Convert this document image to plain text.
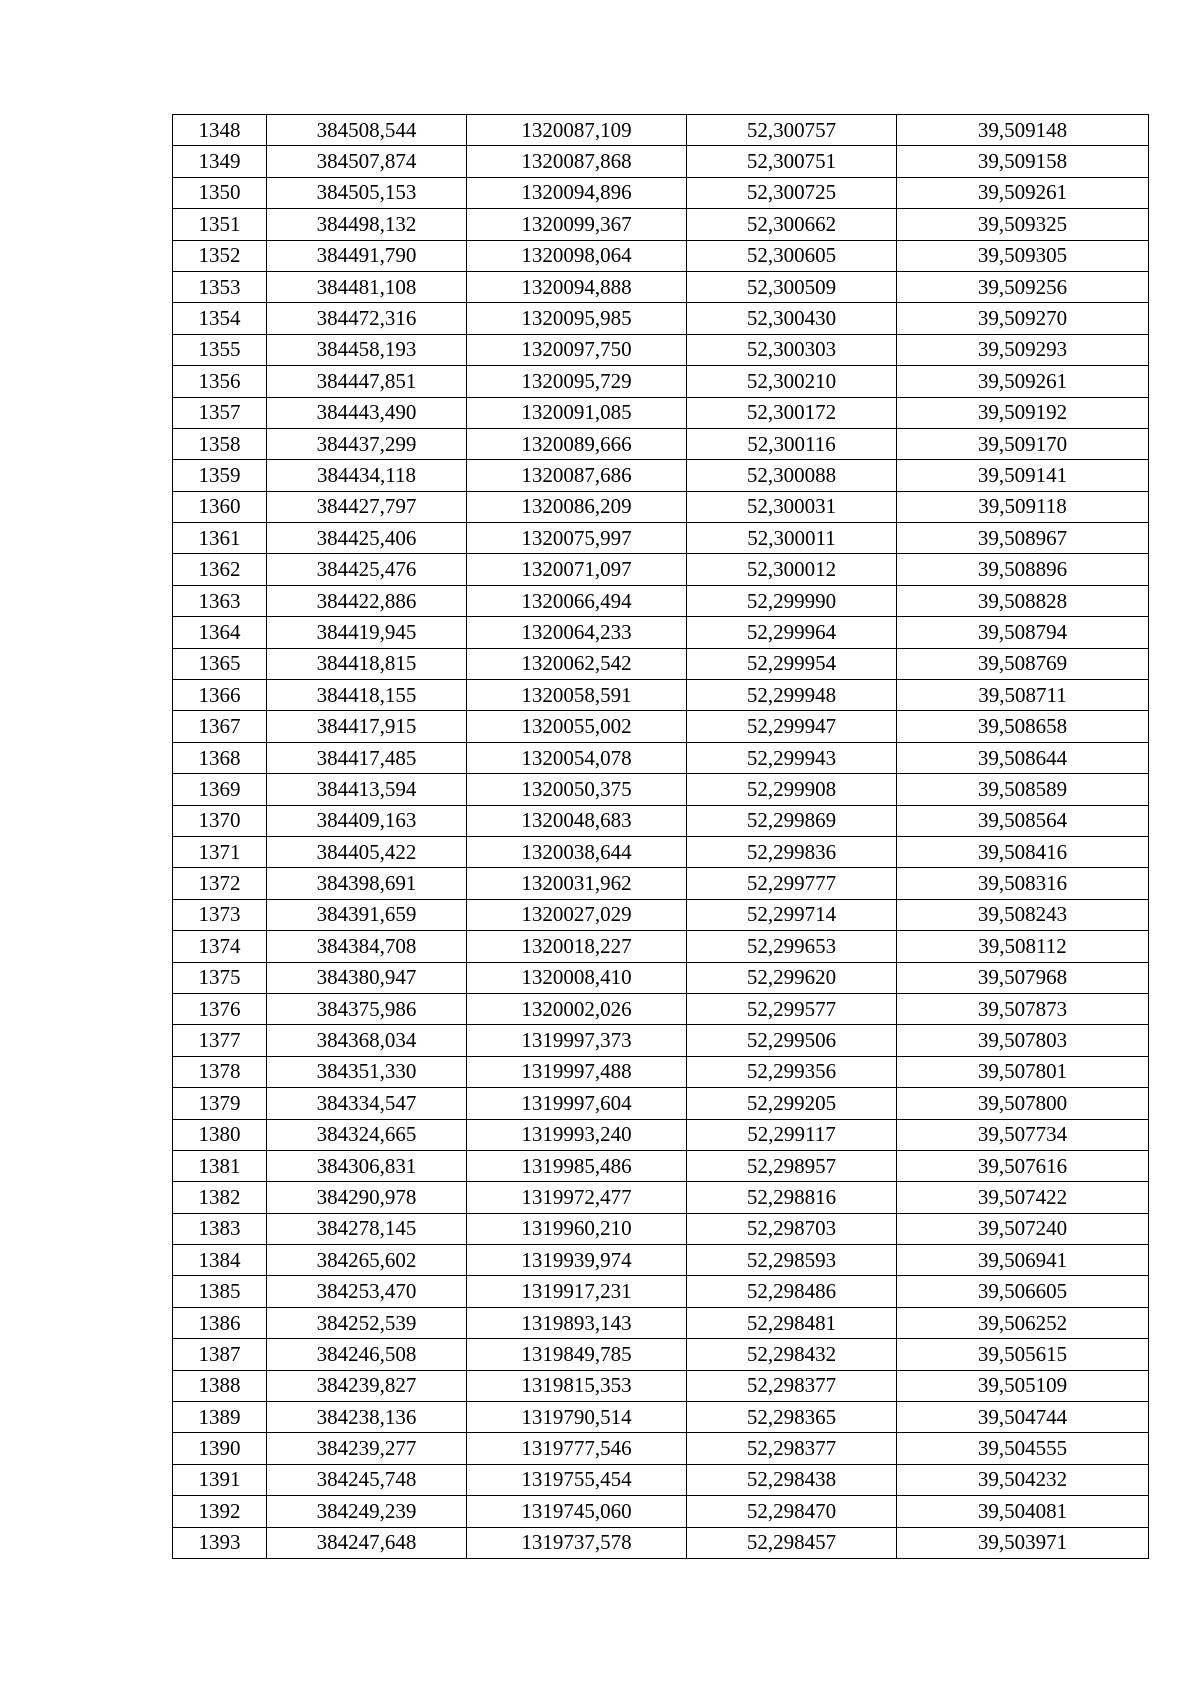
1348	384508,544	1320087,109	52,300757	39,509148
1349	384507,874	1320087,868	52,300751	39,509158
1350	384505,153	1320094,896	52,300725	39,509261
1351	384498,132	1320099,367	52,300662	39,509325
1352	384491,790	1320098,064	52,300605	39,509305
1353	384481,108	1320094,888	52,300509	39,509256
1354	384472,316	1320095,985	52,300430	39,509270
1355	384458,193	1320097,750	52,300303	39,509293
1356	384447,851	1320095,729	52,300210	39,509261
1357	384443,490	1320091,085	52,300172	39,509192
1358	384437,299	1320089,666	52,300116	39,509170
1359	384434,118	1320087,686	52,300088	39,509141
1360	384427,797	1320086,209	52,300031	39,509118
1361	384425,406	1320075,997	52,300011	39,508967
1362	384425,476	1320071,097	52,300012	39,508896
1363	384422,886	1320066,494	52,299990	39,508828
1364	384419,945	1320064,233	52,299964	39,508794
1365	384418,815	1320062,542	52,299954	39,508769
1366	384418,155	1320058,591	52,299948	39,508711
1367	384417,915	1320055,002	52,299947	39,508658
1368	384417,485	1320054,078	52,299943	39,508644
1369	384413,594	1320050,375	52,299908	39,508589
1370	384409,163	1320048,683	52,299869	39,508564
1371	384405,422	1320038,644	52,299836	39,508416
1372	384398,691	1320031,962	52,299777	39,508316
1373	384391,659	1320027,029	52,299714	39,508243
1374	384384,708	1320018,227	52,299653	39,508112
1375	384380,947	1320008,410	52,299620	39,507968
1376	384375,986	1320002,026	52,299577	39,507873
1377	384368,034	1319997,373	52,299506	39,507803
1378	384351,330	1319997,488	52,299356	39,507801
1379	384334,547	1319997,604	52,299205	39,507800
1380	384324,665	1319993,240	52,299117	39,507734
1381	384306,831	1319985,486	52,298957	39,507616
1382	384290,978	1319972,477	52,298816	39,507422
1383	384278,145	1319960,210	52,298703	39,507240
1384	384265,602	1319939,974	52,298593	39,506941
1385	384253,470	1319917,231	52,298486	39,506605
1386	384252,539	1319893,143	52,298481	39,506252
1387	384246,508	1319849,785	52,298432	39,505615
1388	384239,827	1319815,353	52,298377	39,505109
1389	384238,136	1319790,514	52,298365	39,504744
1390	384239,277	1319777,546	52,298377	39,504555
1391	384245,748	1319755,454	52,298438	39,504232
1392	384249,239	1319745,060	52,298470	39,504081
1393	384247,648	1319737,578	52,298457	39,503971
